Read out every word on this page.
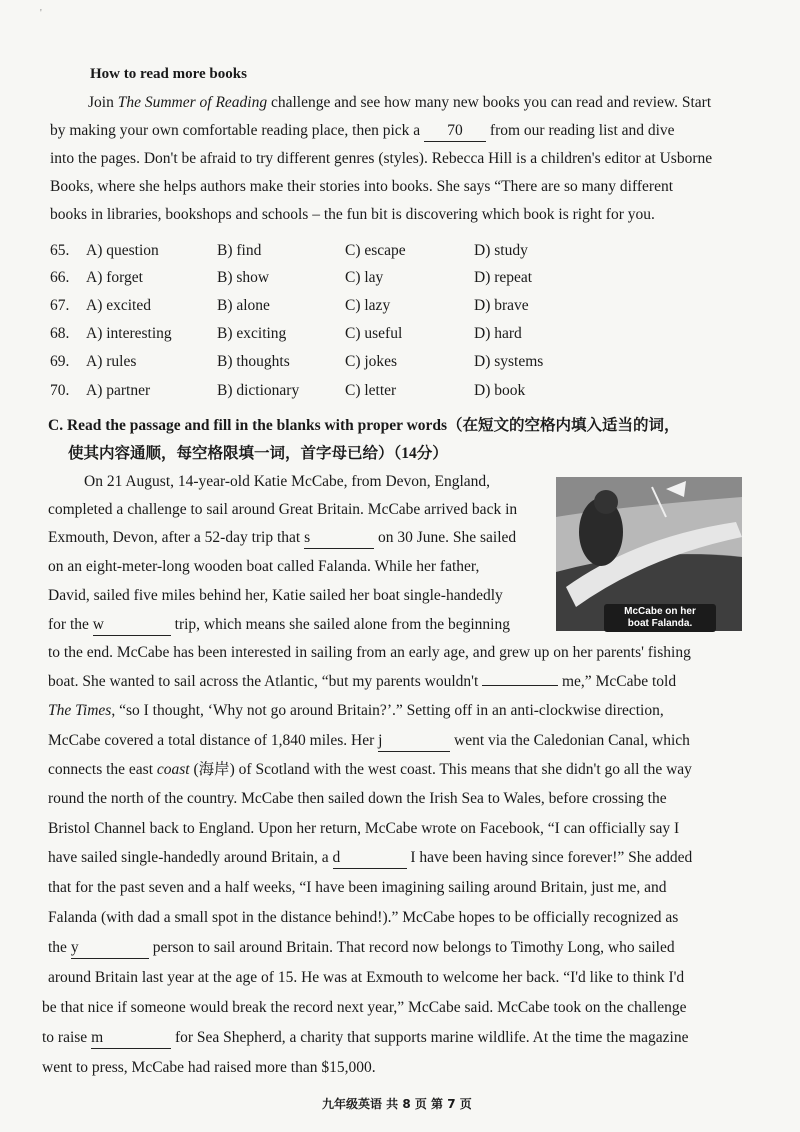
'
How to read more books
Join The Summer of Reading challenge and see how many new books you can read and review. Start
by making your own comfortable reading place, then pick a 70 from our reading list and dive
into the pages. Don't be afraid to try different genres (styles). Rebecca Hill is a children's editor at Usborne
Books, where she helps authors make their stories into books. She says “There are so many different
books in libraries, bookshops and schools – the fun bit is discovering which book is right for you.
65. A) question	B) find	C) escape	D) study
66. A) forget	B) show	C) lay	D) repeat
67. A) excited	B) alone	C) lazy	D) brave
68. A) interesting	B) exciting	C) useful	D) hard
69. A) rules	B) thoughts	C) jokes	D) systems
70. A) partner	B) dictionary	C) letter	D) book
C. Read the passage and fill in the blanks with proper words（在短文的空格内填入适当的词，
使其内容通顺，每空格限填一词，首字母已给）（14分）
McCabe on her
boat Falanda.
On 21 August, 14-year-old Katie McCabe, from Devon, England,
completed a challenge to sail around Great Britain. McCabe arrived back in
Exmouth, Devon, after a 52-day trip that s	on 30 June. She sailed
on an eight-meter-long wooden boat called Falanda. While her father,
David, sailed five miles behind her, Katie sailed her boat single-handedly
for the w	trip, which means she sailed alone from the beginning
to the end. McCabe has been interested in sailing from an early age, and grew up on her parents' fishing
boat. She wanted to sail across the Atlantic, “but my parents wouldn't	me,” McCabe told
The Times, “so I thought, ‘Why not go around Britain?’.” Setting off in an anti-clockwise direction,
McCabe covered a total distance of 1,840 miles. Her j	went via the Caledonian Canal, which
connects the east coast (海岸) of Scotland with the west coast. This means that she didn't go all the way
round the north of the country. McCabe then sailed down the Irish Sea to Wales, before crossing the
Bristol Channel back to England. Upon her return, McCabe wrote on Facebook, “I can officially say I
have sailed single-handedly around Britain, a d	I have been having since forever!” She added
that for the past seven and a half weeks, “I have been imagining sailing around Britain, just me, and
Falanda (with dad a small spot in the distance behind!).” McCabe hopes to be officially recognized as
the y	person to sail around Britain. That record now belongs to Timothy Long, who sailed
around Britain last year at the age of 15. He was at Exmouth to welcome her back. “I'd like to think I'd
be that nice if someone would break the record next year,” McCabe said. McCabe took on the challenge
to raise m	for Sea Shepherd, a charity that supports marine wildlife. At the time the magazine
went to press, McCabe had raised more than $15,000.
九年级英语 共 8 页 第 7 页
